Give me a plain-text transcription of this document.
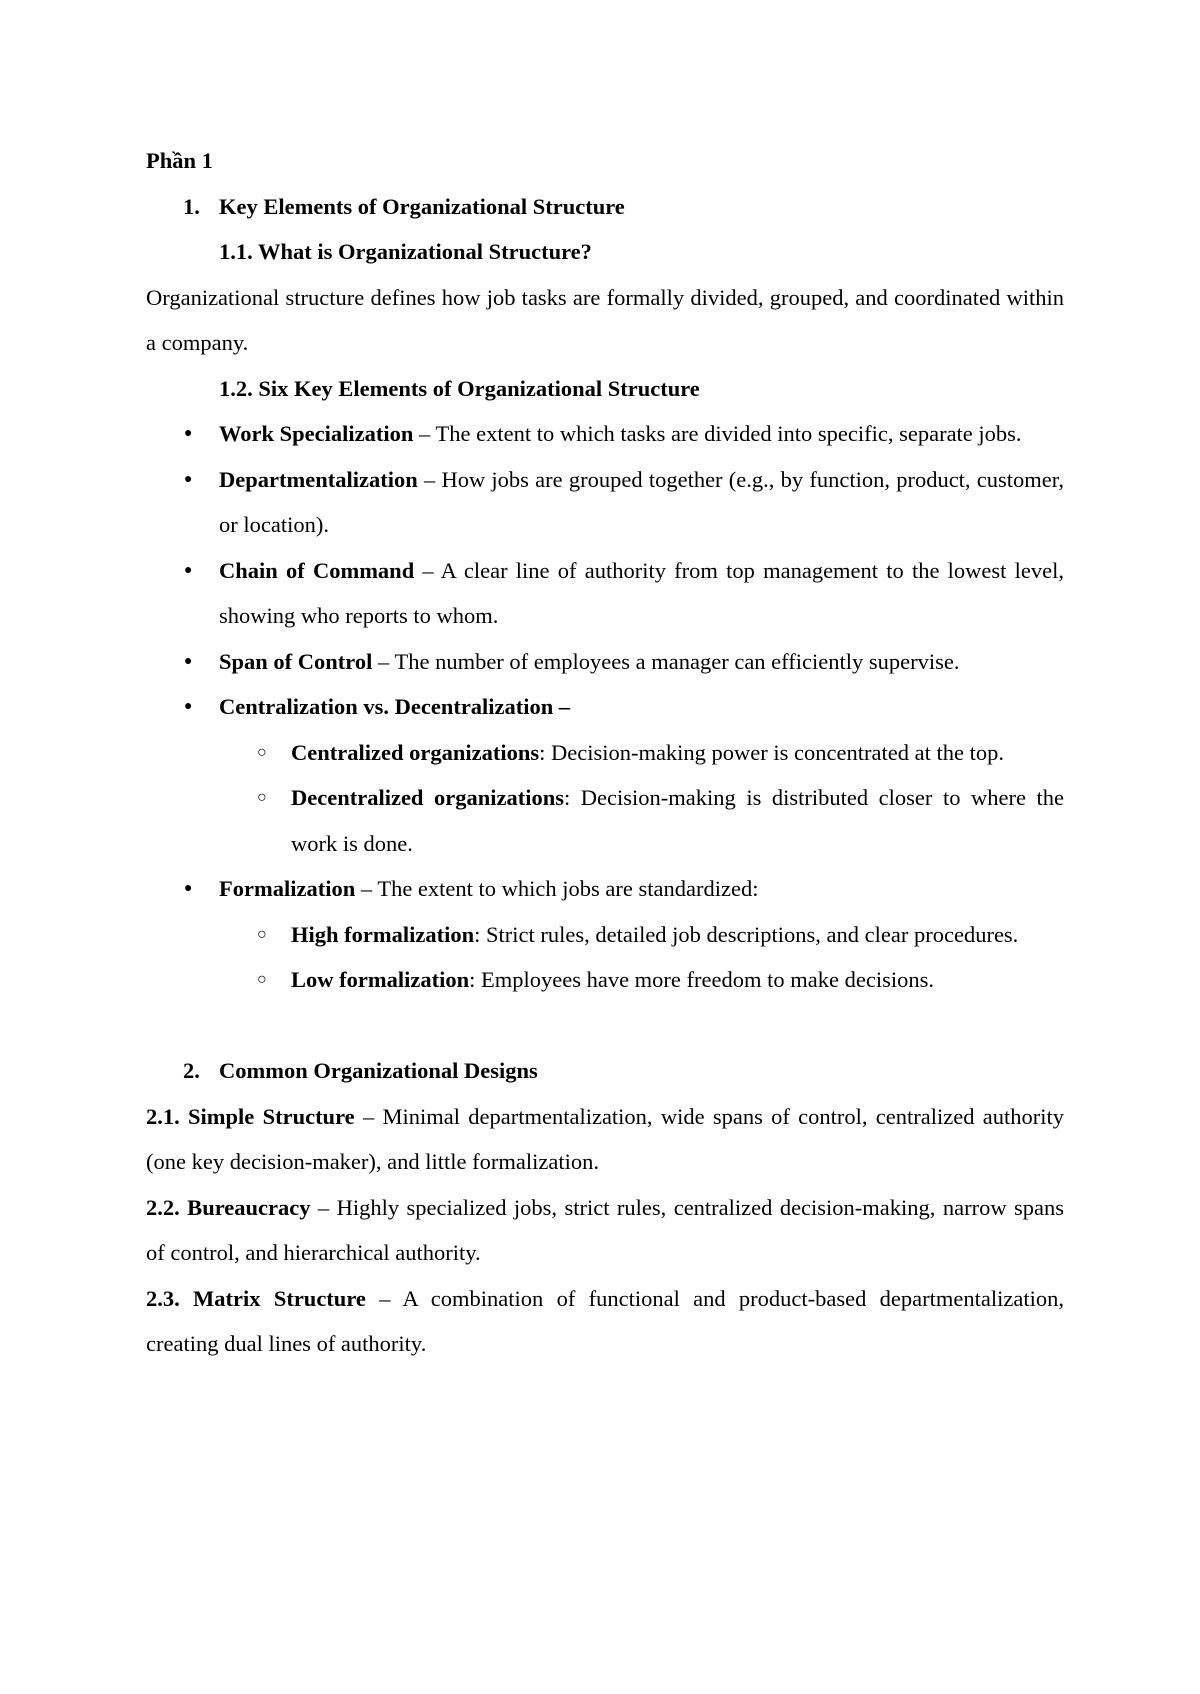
Phần 1

1. Key Elements of Organizational Structure

1.1. What is Organizational Structure?

Organizational structure defines how job tasks are formally divided, grouped, and coordinated within a company.

1.2. Six Key Elements of Organizational Structure

●	Work Specialization – The extent to which tasks are divided into specific, separate jobs.
●	Departmentalization – How jobs are grouped together (e.g., by function, product, customer, or location).
●	Chain of Command – A clear line of authority from top management to the lowest level, showing who reports to whom.
●	Span of Control – The number of employees a manager can efficiently supervise.
●	Centralization vs. Decentralization –
○	Centralized organizations: Decision-making power is concentrated at the top.
○	Decentralized organizations: Decision-making is distributed closer to where the work is done.
●	Formalization – The extent to which jobs are standardized:
○	High formalization: Strict rules, detailed job descriptions, and clear procedures.
○	Low formalization: Employees have more freedom to make decisions.
2. Common Organizational Designs

2.1. Simple Structure – Minimal departmentalization, wide spans of control, centralized authority (one key decision-maker), and little formalization.

2.2. Bureaucracy – Highly specialized jobs, strict rules, centralized decision-making, narrow spans of control, and hierarchical authority.

2.3. Matrix Structure – A combination of functional and product-based departmentalization, creating dual lines of authority.
